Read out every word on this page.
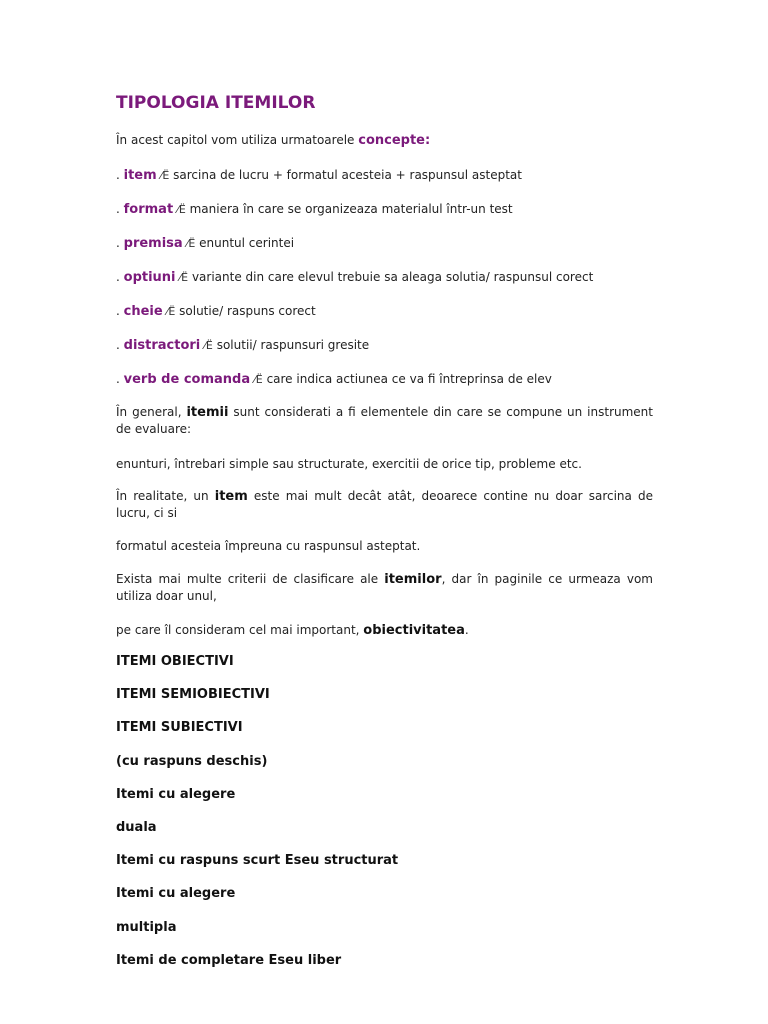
TIPOLOGIA ITEMILOR

În acest capitol vom utiliza urmatoarele concepte:

. item ⁄Ë sarcina de lucru + formatul acesteia + raspunsul asteptat

. format ⁄Ë maniera în care se organizeaza materialul într-un test

. premisa ⁄Ë enuntul cerintei

. optiuni ⁄Ë variante din care elevul trebuie sa aleaga solutia/ raspunsul corect

. cheie ⁄Ë solutie/ raspuns corect

. distractori ⁄Ë solutii/ raspunsuri gresite

. verb de comanda ⁄Ë care indica actiunea ce va fi întreprinsa de elev

În general, itemii sunt considerati a fi elementele din care se compune un instrument de evaluare:

enunturi, întrebari simple sau structurate, exercitii de orice tip, probleme etc.

În realitate, un item este mai mult decât atât, deoarece contine nu doar sarcina de lucru, ci si

formatul acesteia împreuna cu raspunsul asteptat.

Exista mai multe criterii de clasificare ale itemilor, dar în paginile ce urmeaza vom utiliza doar unul,

pe care îl consideram cel mai important, obiectivitatea.

ITEMI OBIECTIVI

ITEMI SEMIOBIECTIVI

ITEMI SUBIECTIVI

(cu raspuns deschis)

Itemi cu alegere

duala

Itemi cu raspuns scurt Eseu structurat

Itemi cu alegere

multipla

Itemi de completare Eseu liber
